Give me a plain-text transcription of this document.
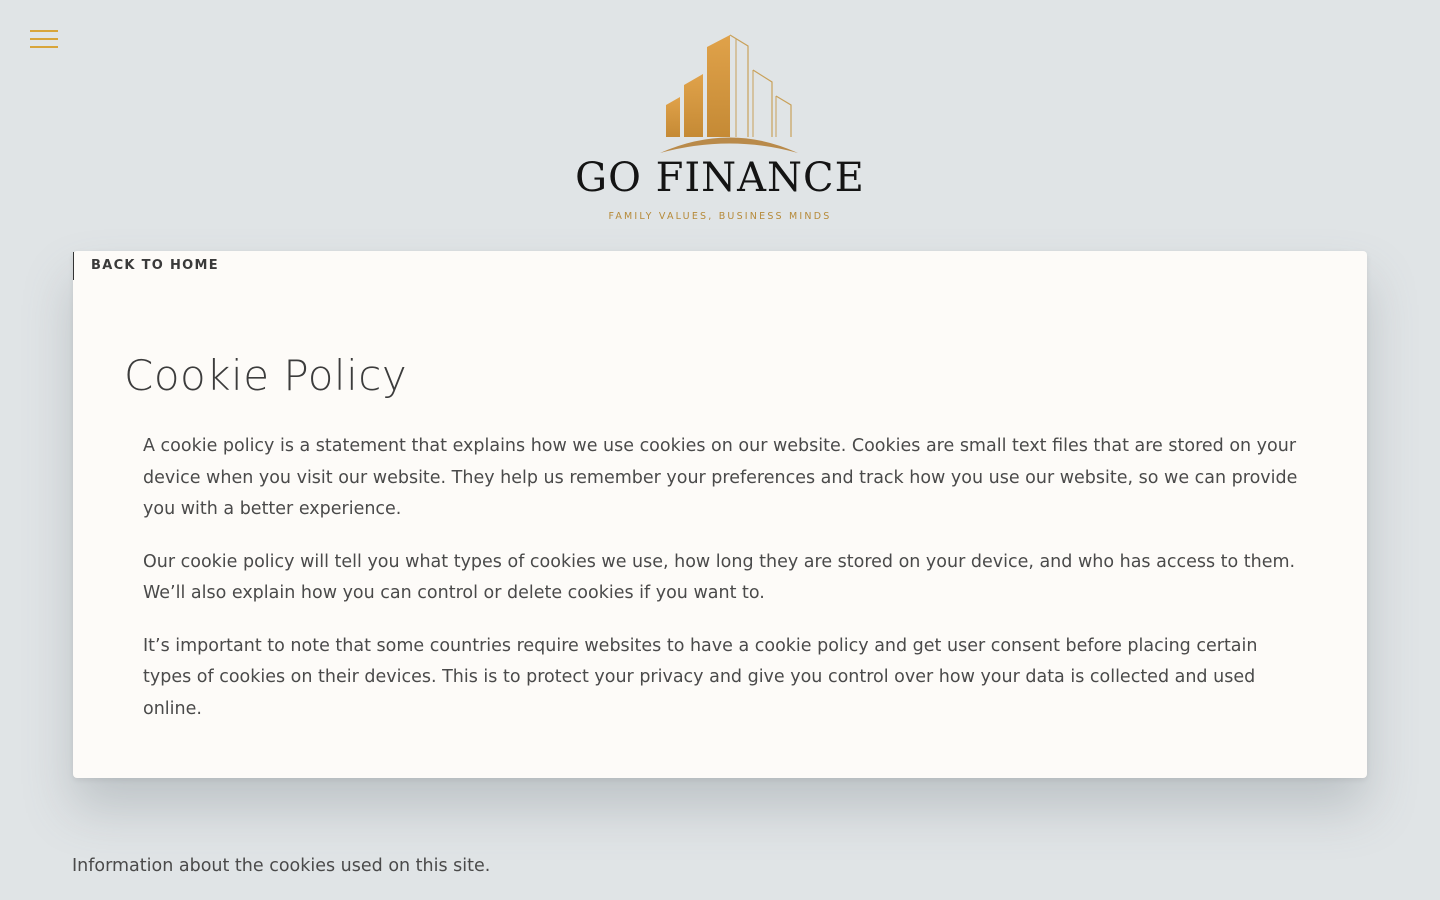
GO FINANCE
FAMILY VALUES, BUSINESS MINDS
BACK TO HOME
Cookie Policy

A cookie policy is a statement that explains how we use cookies on our website. Cookies are small text files that are stored on your device when you visit our website. They help us remember your preferences and track how you use our website, so we can provide you with a better experience.

Our cookie policy will tell you what types of cookies we use, how long they are stored on your device, and who has access to them. We’ll also explain how you can control or delete cookies if you want to.

It’s important to note that some countries require websites to have a cookie policy and get user consent before placing certain types of cookies on their devices. This is to protect your privacy and give you control over how your data is collected and used online.

Information about the cookies used on this site.
